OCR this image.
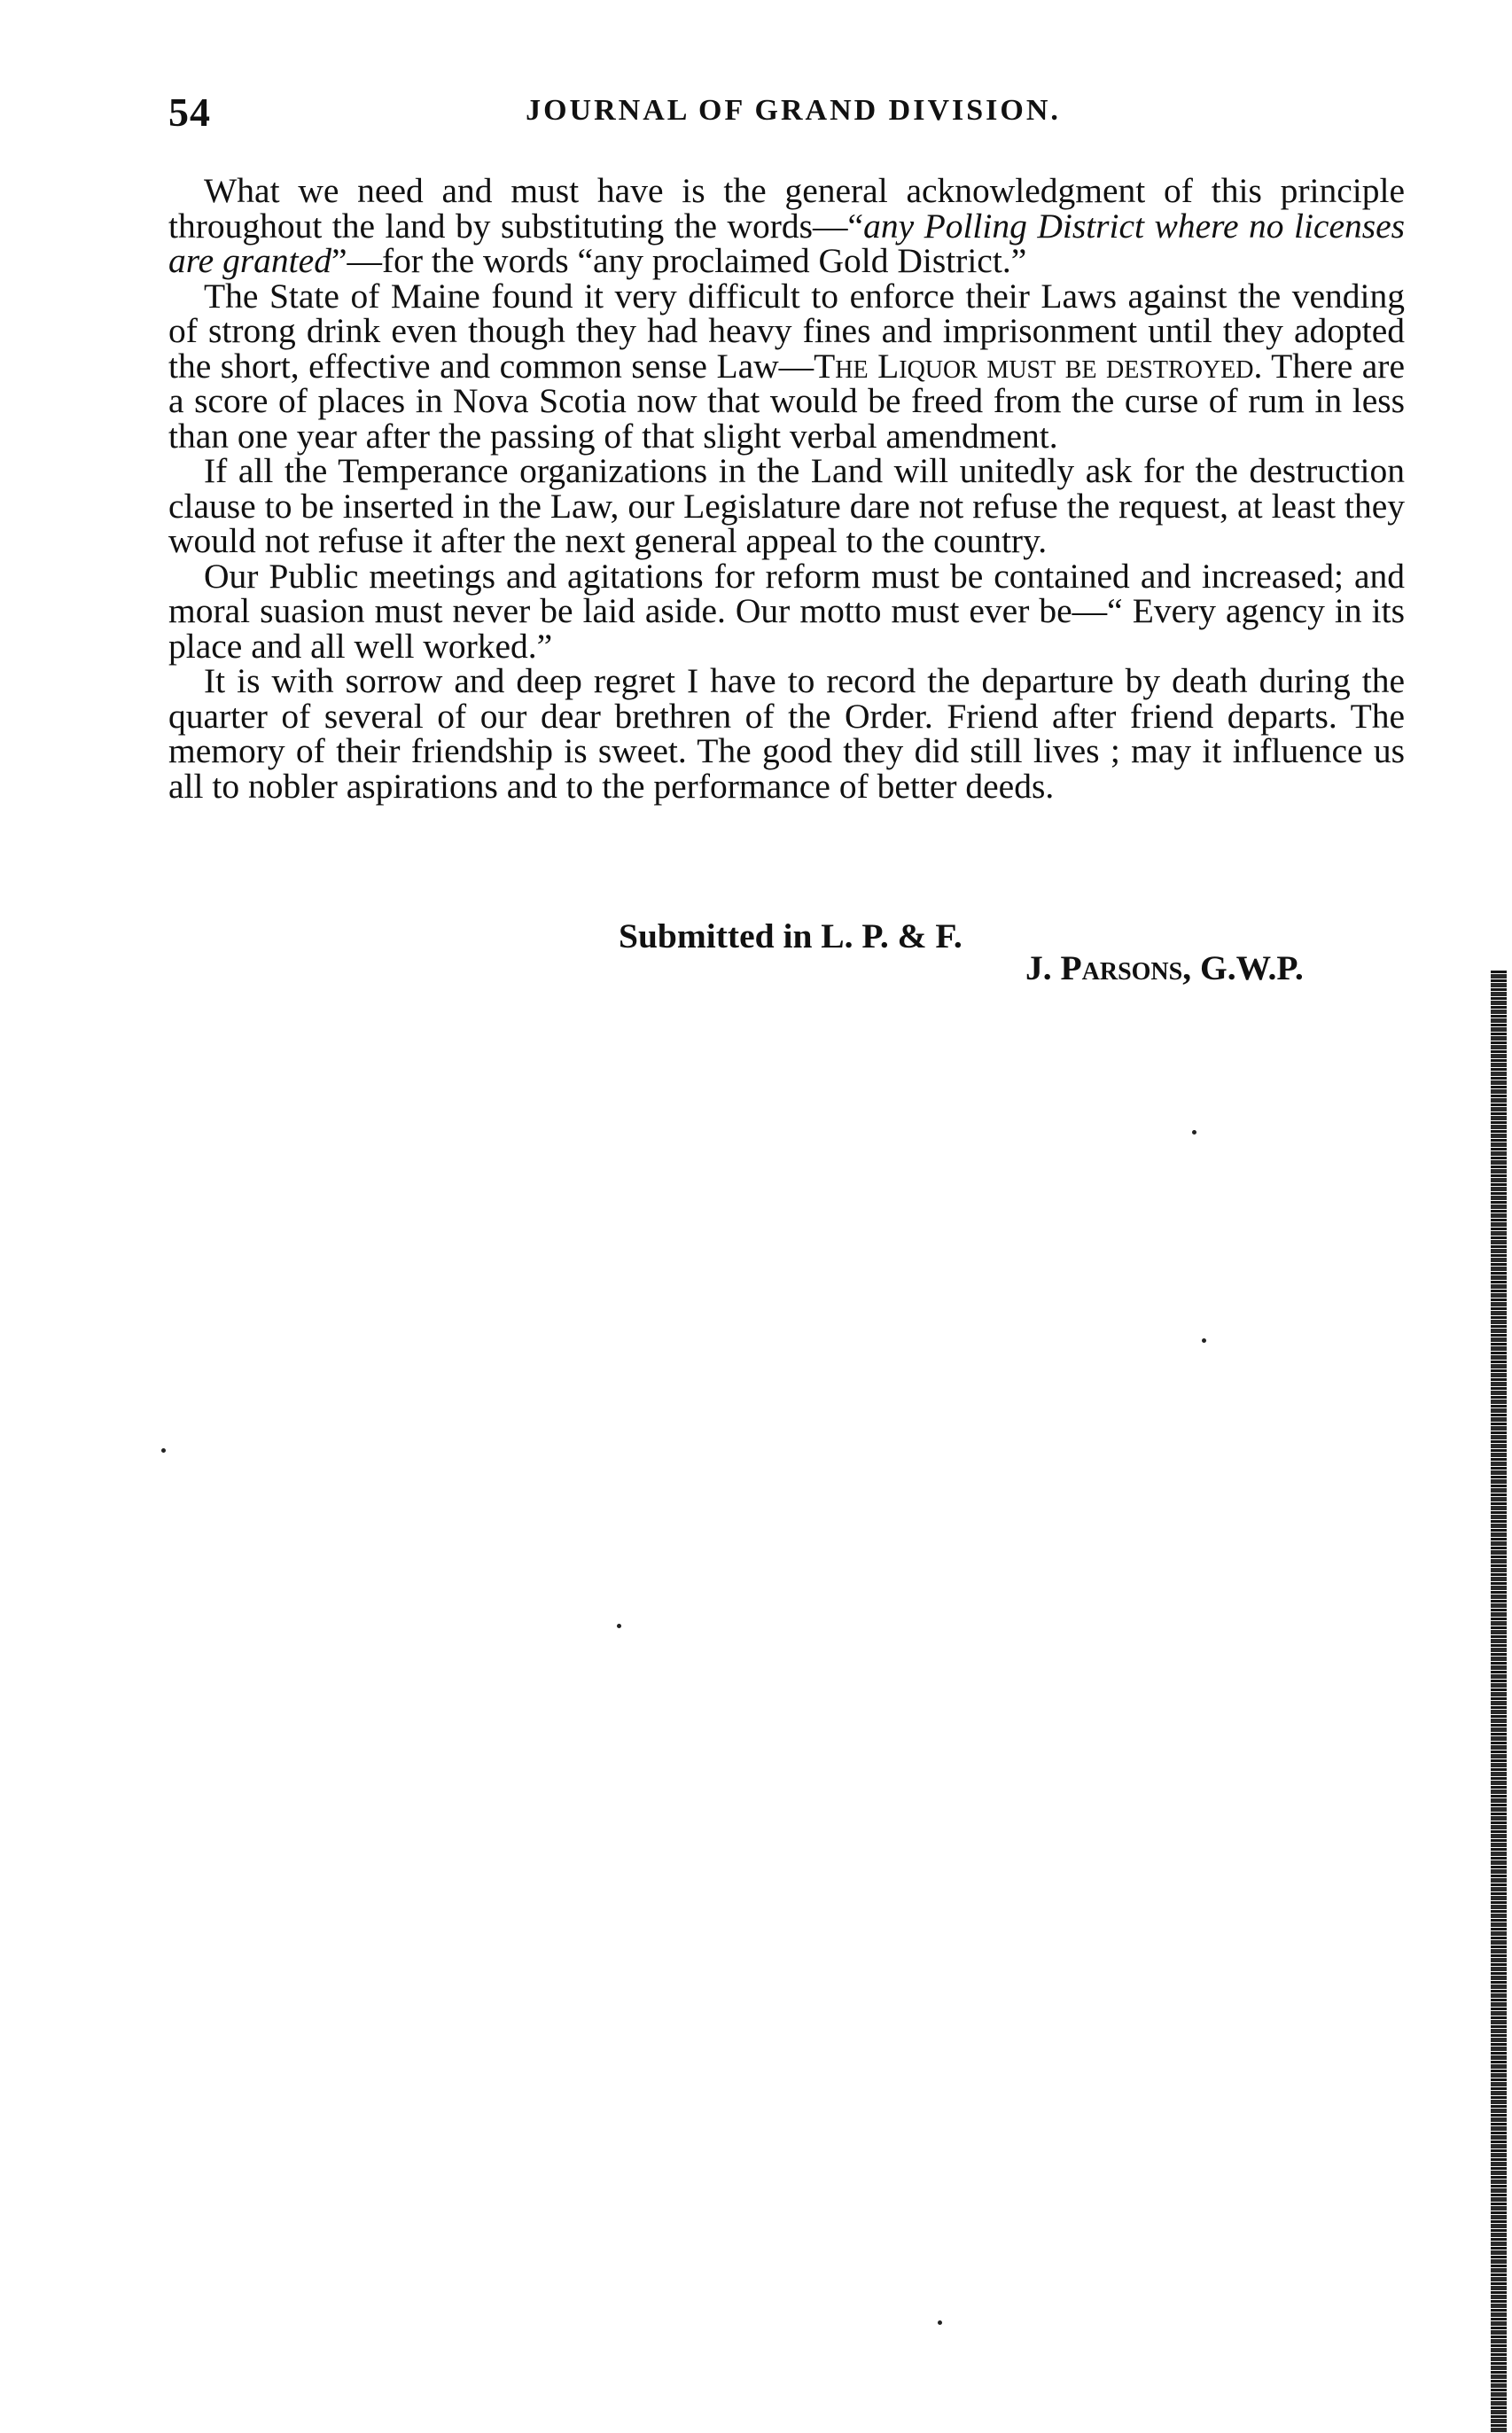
54	JOURNAL OF GRAND DIVISION.

What we need and must have is the general acknowledgment of this principle throughout the land by substituting the words—“any Polling District where no licenses are granted”—for the words “any proclaimed Gold District.”

The State of Maine found it very difficult to enforce their Laws against the vending of strong drink even though they had heavy fines and imprisonment until they adopted the short, effective and common sense Law—The Liquor must be destroyed. There are a score of places in Nova Scotia now that would be freed from the curse of rum in less than one year after the passing of that slight verbal amendment.

If all the Temperance organizations in the Land will unitedly ask for the destruction clause to be inserted in the Law, our Legislature dare not refuse the request, at least they would not refuse it after the next general appeal to the country.

Our Public meetings and agitations for reform must be contained and increased; and moral suasion must never be laid aside. Our motto must ever be—“ Every agency in its place and all well worked.”

It is with sorrow and deep regret I have to record the departure by death during the quarter of several of our dear brethren of the Order. Friend after friend departs. The memory of their friendship is sweet. The good they did still lives ; may it influence us all to nobler aspirations and to the performance of better deeds.

Submitted in L. P. & F.
J. Parsons, G.W.P.
